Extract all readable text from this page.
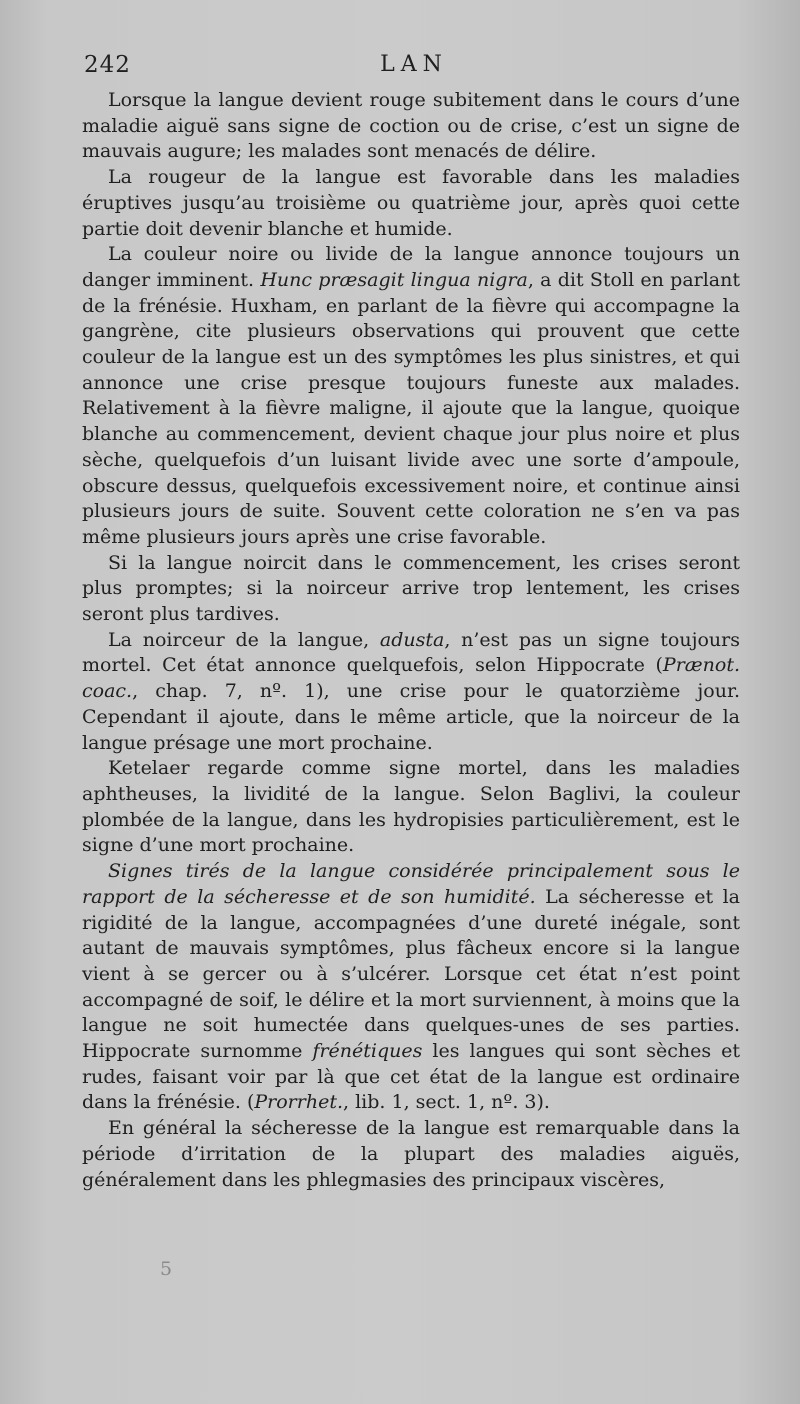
242	LAN

Lorsque la langue devient rouge subitement dans le cours d’une maladie aiguë sans signe de coction ou de crise, c’est un signe de mauvais augure; les malades sont menacés de délire.

La rougeur de la langue est favorable dans les maladies éruptives jusqu’au troisième ou quatrième jour, après quoi cette partie doit devenir blanche et humide.

La couleur noire ou livide de la langue annonce toujours un danger imminent. Hunc præsagit lingua nigra, a dit Stoll en parlant de la frénésie. Huxham, en parlant de la fièvre qui accompagne la gangrène, cite plusieurs observations qui prouvent que cette couleur de la langue est un des symptômes les plus sinistres, et qui annonce une crise presque toujours funeste aux malades. Relativement à la fièvre maligne, il ajoute que la langue, quoique blanche au commencement, devient chaque jour plus noire et plus sèche, quelquefois d’un luisant livide avec une sorte d’ampoule, obscure dessus, quelquefois excessivement noire, et continue ainsi plusieurs jours de suite. Souvent cette coloration ne s’en va pas même plusieurs jours après une crise favorable.

Si la langue noircit dans le commencement, les crises seront plus promptes; si la noirceur arrive trop lentement, les crises seront plus tardives.

La noirceur de la langue, adusta, n’est pas un signe toujours mortel. Cet état annonce quelquefois, selon Hippocrate (Prænot. coac., chap. 7, nº. 1), une crise pour le quatorzième jour. Cependant il ajoute, dans le même article, que la noirceur de la langue présage une mort prochaine.

Ketelaer regarde comme signe mortel, dans les maladies aphtheuses, la lividité de la langue. Selon Baglivi, la couleur plombée de la langue, dans les hydropisies particulièrement, est le signe d’une mort prochaine.

Signes tirés de la langue considérée principalement sous le rapport de la sécheresse et de son humidité. La sécheresse et la rigidité de la langue, accompagnées d’une dureté inégale, sont autant de mauvais symptômes, plus fâcheux encore si la langue vient à se gercer ou à s’ulcérer. Lorsque cet état n’est point accompagné de soif, le délire et la mort surviennent, à moins que la langue ne soit humectée dans quelques-unes de ses parties. Hippocrate surnomme frénétiques les langues qui sont sèches et rudes, faisant voir par là que cet état de la langue est ordinaire dans la frénésie. (Prorrhet., lib. 1, sect. 1, nº. 3).

En général la sécheresse de la langue est remarquable dans la période d’irritation de la plupart des maladies aiguës, généralement dans les phlegmasies des principaux viscères,

5
